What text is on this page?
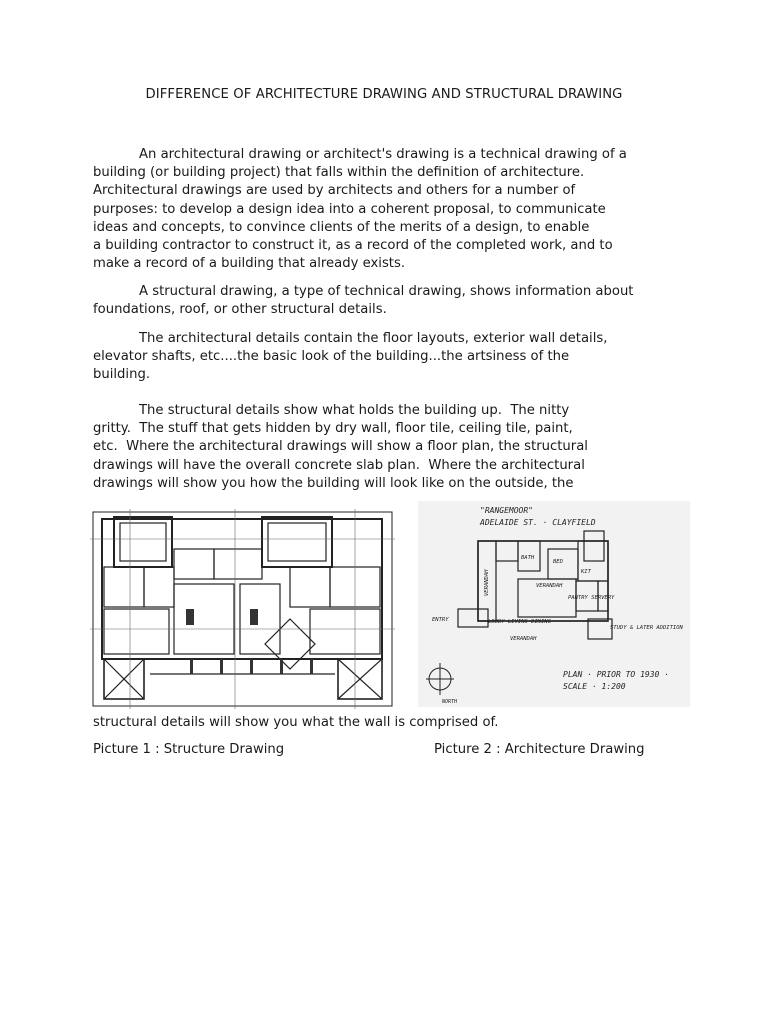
DIFFERENCE OF ARCHITECTURE DRAWING AND STRUCTURAL DRAWING

An architectural drawing or architect's drawing is a technical drawing of a
building (or building project) that falls within the definition of architecture.
Architectural drawings are used by architects and others for a number of
purposes: to develop a design idea into a coherent proposal, to communicate
ideas and concepts, to convince clients of the merits of a design, to enable
a building contractor to construct it, as a record of the completed work, and to
make a record of a building that already exists.

A structural drawing, a type of technical drawing, shows information about
foundations, roof, or other structural details.

The architectural details contain the floor layouts, exterior wall details,
elevator shafts, etc....the basic look of the building...the artsiness of the
building.

The structural details show what holds the building up.  The nitty
gritty.  The stuff that gets hidden by dry wall, floor tile, ceiling tile, paint,
etc.  Where the architectural drawings will show a floor plan, the structural
drawings will have the overall concrete slab plan.  Where the architectural
drawings will show you how the building will look like on the outside, the

"RANGEMOOR"
ADELAIDE ST. · CLAYFIELD
VERANDAH
VERANDAH
BATH
KIT
BED
PANTRY SERVERY
ENTRY	LOBBY LIVING DINING
STUDY & LATER ADDITION
VERANDAH
PLAN · PRIOR TO 1930 ·
SCALE · 1:200
NORTH
structural details will show you what the wall is comprised of.
Picture 1 : Structure Drawing	Picture 2 : Architecture Drawing
